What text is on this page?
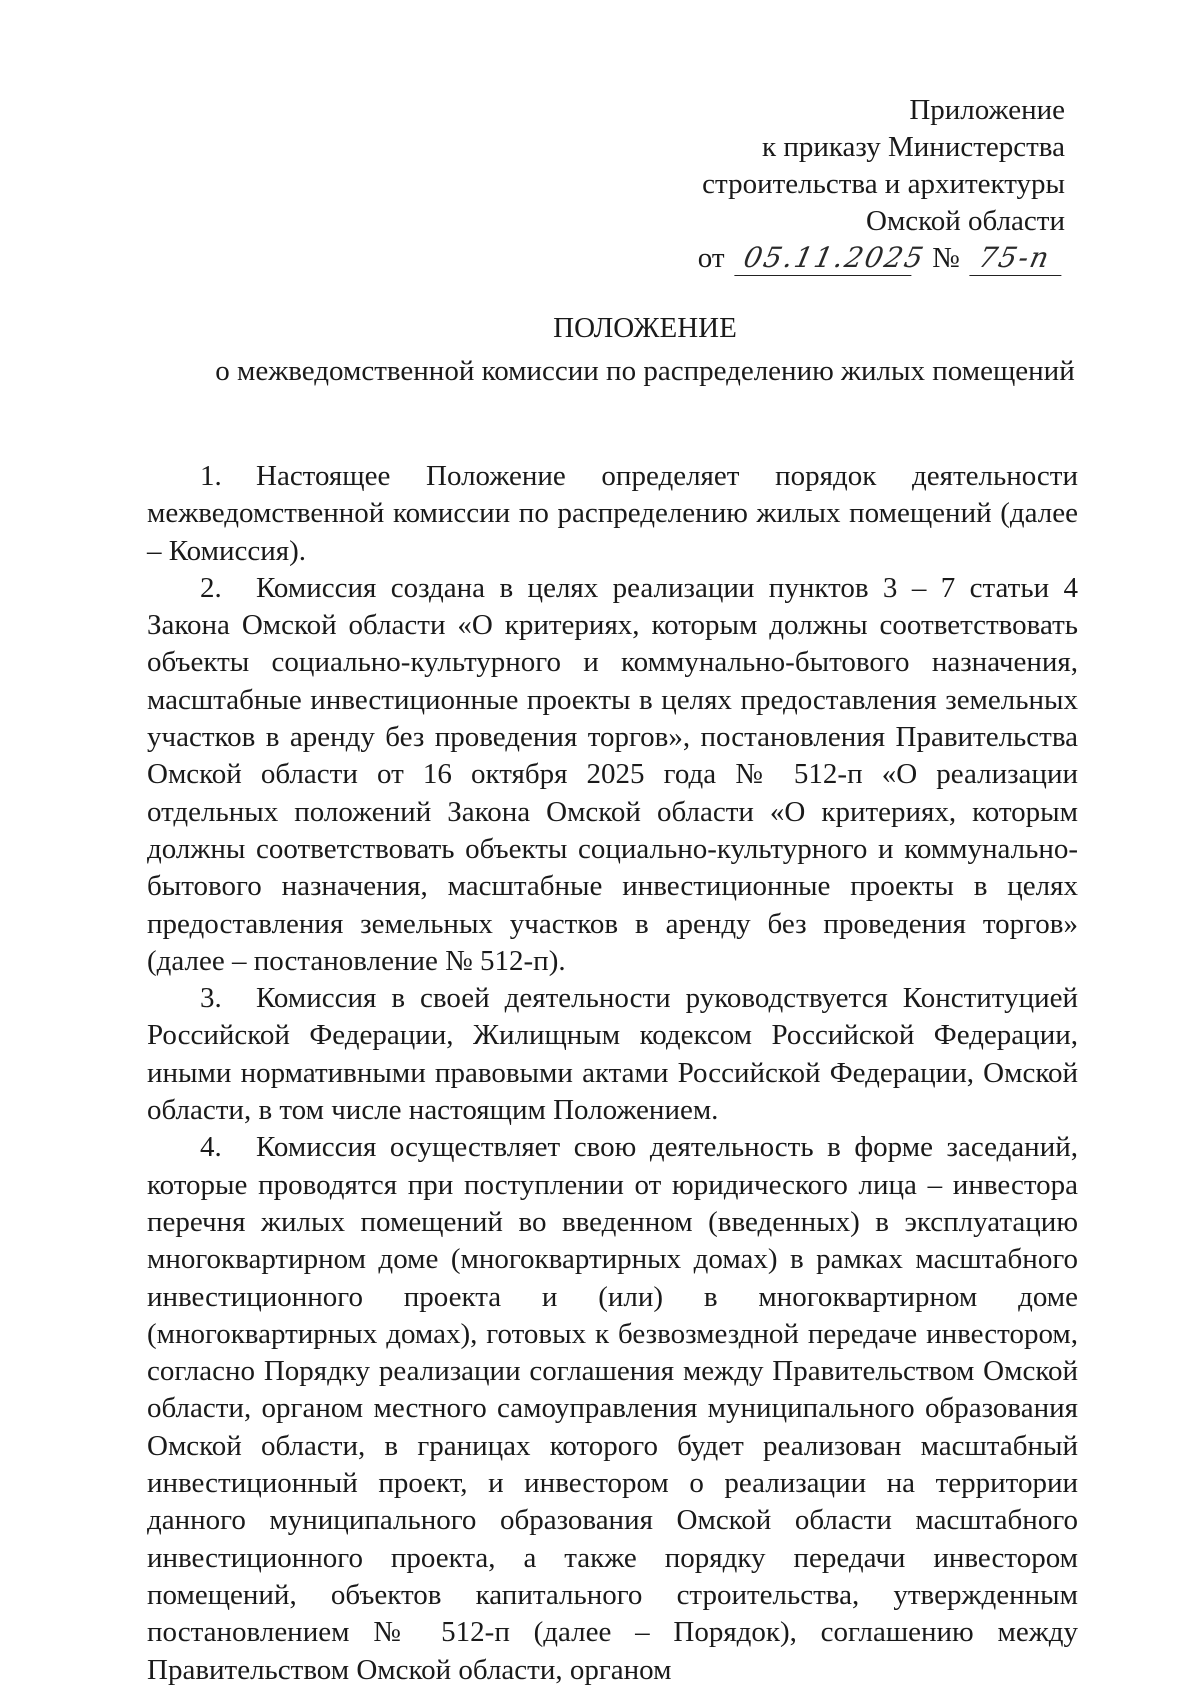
Приложение
к приказу Министерства
строительства и архитектуры
Омской области
от 05.11.2025 № 75-п
ПОЛОЖЕНИЕ
о межведомственной комиссии по распределению жилых помещений

1. Настоящее Положение определяет порядок деятельности межведомственной комиссии по распределению жилых помещений (далее – Комиссия).

2. Комиссия создана в целях реализации пунктов 3 – 7 статьи 4 Закона Омской области «О критериях, которым должны соответствовать объекты социально-культурного и коммунально-бытового назначения, масштабные инвестиционные проекты в целях предоставления земельных участков в аренду без проведения торгов», постановления Правительства Омской области от 16 октября 2025 года № 512-п «О реализации отдельных положений Закона Омской области «О критериях, которым должны соответствовать объекты социально-культурного и коммунально-бытового назначения, масштабные инвестиционные проекты в целях предоставления земельных участков в аренду без проведения торгов» (далее – постановление № 512-п).

3. Комиссия в своей деятельности руководствуется Конституцией Российской Федерации, Жилищным кодексом Российской Федерации, иными нормативными правовыми актами Российской Федерации, Омской области, в том числе настоящим Положением.

4. Комиссия осуществляет свою деятельность в форме заседаний, которые проводятся при поступлении от юридического лица – инвестора перечня жилых помещений во введенном (введенных) в эксплуатацию многоквартирном доме (многоквартирных домах) в рамках масштабного инвестиционного проекта и (или) в многоквартирном доме (многоквартирных домах), готовых к безвозмездной передаче инвестором, согласно Порядку реализации соглашения между Правительством Омской области, органом местного самоуправления муниципального образования Омской области, в границах которого будет реализован масштабный инвестиционный проект, и инвестором о реализации на территории данного муниципального образования Омской области масштабного инвестиционного проекта, а также порядку передачи инвестором помещений, объектов капитального строительства, утвержденным постановлением № 512-п (далее – Порядок), соглашению между Правительством Омской области, органом
